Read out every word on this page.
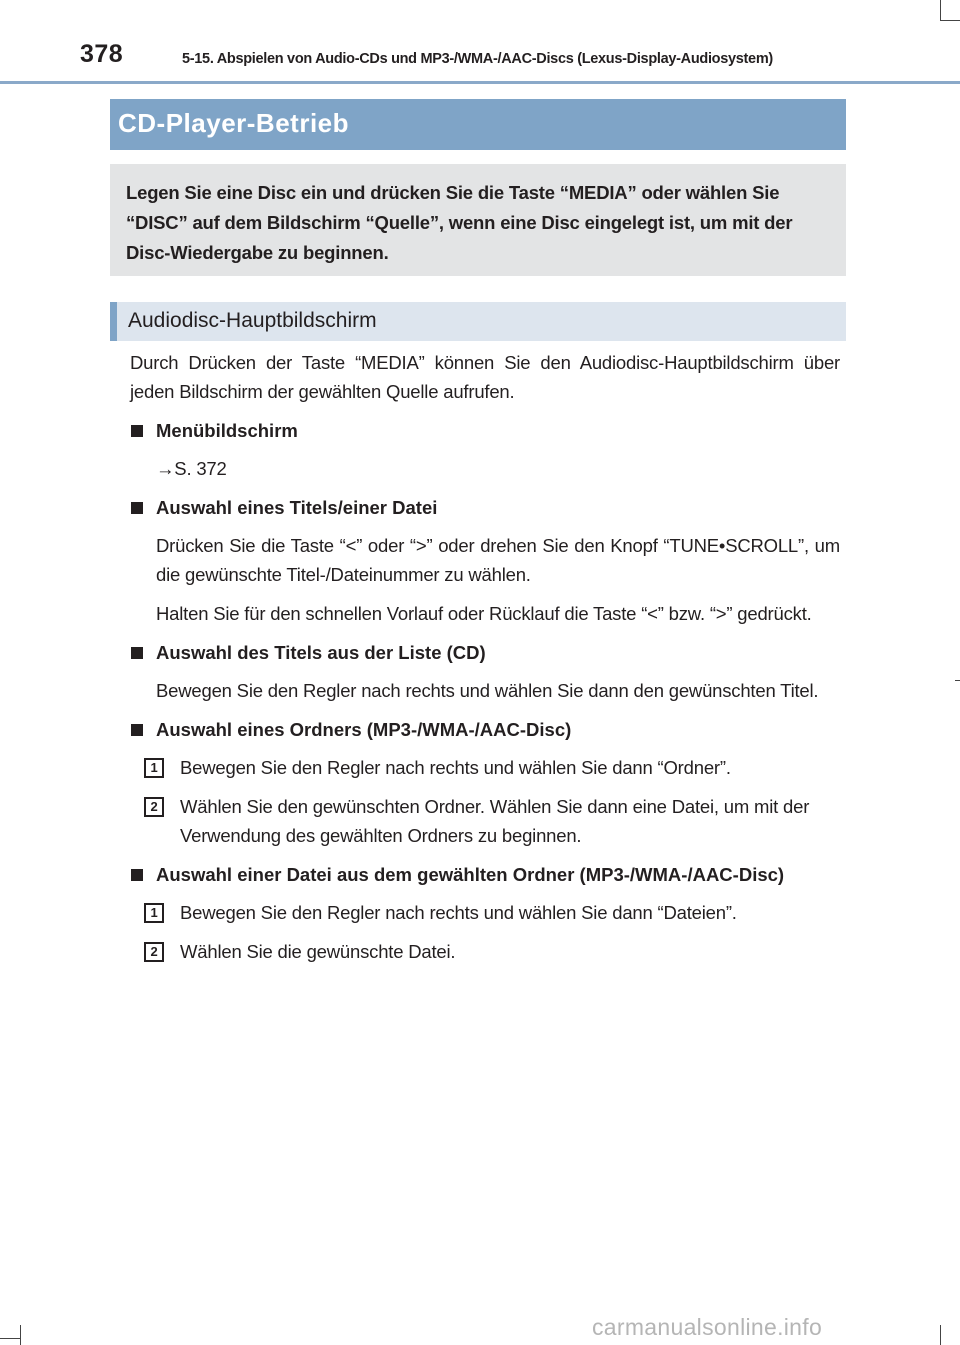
378	5-15. Abspielen von Audio-CDs und MP3-/WMA-/AAC-Discs (Lexus-Display-Audiosystem)
CD-Player-Betrieb

Legen Sie eine Disc ein und drücken Sie die Taste “MEDIA” oder wählen Sie “DISC” auf dem Bildschirm “Quelle”, wenn eine Disc eingelegt ist, um mit der Disc-Wiedergabe zu beginnen.

Audiodisc-Hauptbildschirm

Durch Drücken der Taste “MEDIA” können Sie den Audiodisc-Hauptbildschirm über jeden Bildschirm der gewählten Quelle aufrufen.

Menübildschirm

→S. 372

Auswahl eines Titels/einer Datei

Drücken Sie die Taste “<” oder “>” oder drehen Sie den Knopf “TUNE•SCROLL”, um die gewünschte Titel-/Dateinummer zu wählen.

Halten Sie für den schnellen Vorlauf oder Rücklauf die Taste “<” bzw. “>” gedrückt.

Auswahl des Titels aus der Liste (CD)

Bewegen Sie den Regler nach rechts und wählen Sie dann den gewünschten Titel.

Auswahl eines Ordners (MP3-/WMA-/AAC-Disc)
1	Bewegen Sie den Regler nach rechts und wählen Sie dann “Ordner”.
2	Wählen Sie den gewünschten Ordner. Wählen Sie dann eine Datei, um mit der Verwendung des gewählten Ordners zu beginnen.
Auswahl einer Datei aus dem gewählten Ordner (MP3-/WMA-/AAC-Disc)
1	Bewegen Sie den Regler nach rechts und wählen Sie dann “Dateien”.
2	Wählen Sie die gewünschte Datei.
carmanualsonline.info
